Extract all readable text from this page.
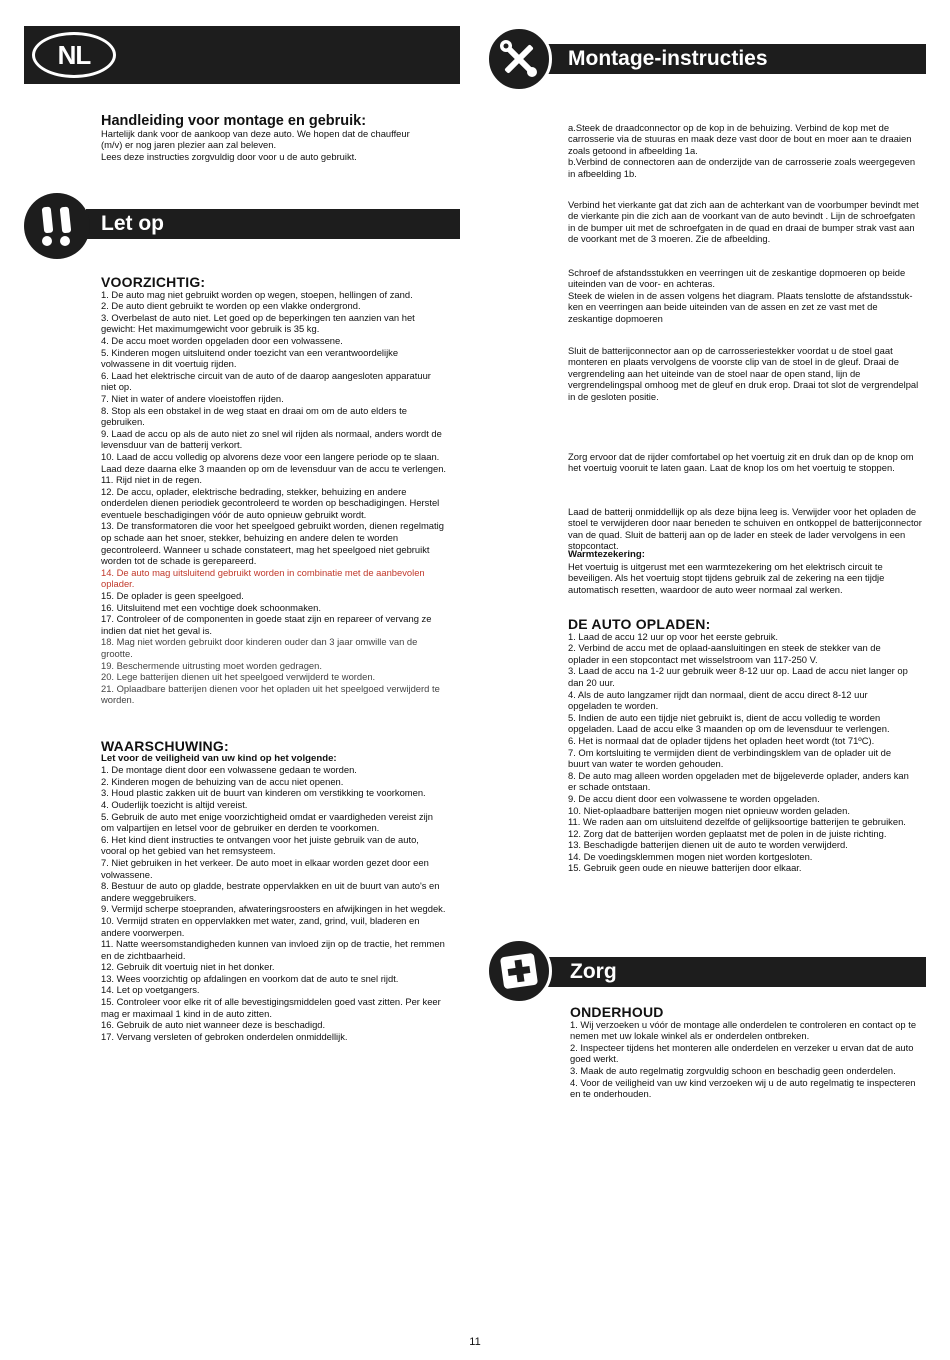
NL

Handleiding voor montage en gebruik:

Hartelijk dank voor de aankoop van deze auto. We hopen dat de chauffeur

(m/v) er nog jaren plezier aan zal beleven.

Lees deze instructies zorgvuldig door voor u de auto gebruikt.

Let op

VOORZICHTIG:

1. De auto mag niet gebruikt worden op wegen, stoepen, hellingen of zand.
2. De auto dient gebruikt te worden op een vlakke ondergrond.
3. Overbelast de auto niet. Let goed op de beperkingen ten aanzien van het gewicht: Het maximumgewicht voor gebruik is 35 kg.
4. De accu moet worden opgeladen door een volwassene.
5. Kinderen mogen uitsluitend onder toezicht van een verantwoordelijke volwassene in dit voertuig rijden.
6. Laad het elektrische circuit van de auto of de daarop aangesloten apparatuur niet op.
7. Niet in water of andere vloeistoffen rijden.
8. Stop als een obstakel in de weg staat en draai om om de auto elders te gebruiken.
9. Laad de accu op als de auto niet zo snel wil rijden als normaal, anders wordt de levensduur van de batterij verkort.
10. Laad de accu volledig op alvorens deze voor een langere periode op te slaan. Laad deze daarna elke 3 maanden op om de levensduur van de accu te verlengen.
11. Rijd niet in de regen.
12. De accu, oplader, elektrische bedrading, stekker, behuizing en andere onderdelen dienen periodiek gecontroleerd te worden op beschadigingen. Herstel eventuele beschadigingen vóór de auto opnieuw gebruikt wordt.
13. De transformatoren die voor het speelgoed gebruikt worden, dienen regelmatig op schade aan het snoer, stekker, behuizing en andere delen te worden gecontroleerd. Wanneer u schade constateert, mag het speelgoed niet gebruikt worden tot de schade is gerepareerd.
14. De auto mag uitsluitend gebruikt worden in combinatie met de aanbevolen oplader.
15. De oplader is geen speelgoed.
16. Uitsluitend met een vochtige doek schoonmaken.
17. Controleer of de componenten in goede staat zijn en repareer of vervang ze indien dat niet het geval is.
18. Mag niet worden gebruikt door kinderen ouder dan 3 jaar omwille van de grootte.
19. Beschermende uitrusting moet worden gedragen.
20. Lege batterijen dienen uit het speelgoed verwijderd te worden.
21. Oplaadbare batterijen dienen voor het opladen uit het speelgoed verwijderd te worden.

WAARSCHUWING:

Let voor de veiligheid van uw kind op het volgende:

1. De montage dient door een volwassene gedaan te worden.
2. Kinderen mogen de behuizing van de accu niet openen.
3. Houd plastic zakken uit de buurt van kinderen om verstikking te voorkomen.
4. Ouderlijk toezicht is altijd vereist.
5. Gebruik de auto met enige voorzichtigheid omdat er vaardigheden vereist zijn om valpartijen en letsel voor de gebruiker en derden te voorkomen.
6. Het kind dient instructies te ontvangen voor het juiste gebruik van de auto, vooral op het gebied van het remsysteem.
7. Niet gebruiken in het verkeer. De auto moet in elkaar worden gezet door een volwassene.
8. Bestuur de auto op gladde, bestrate oppervlakken en uit de buurt van auto's en andere weggebruikers.
9. Vermijd scherpe stoepranden, afwateringsroosters en afwijkingen in het wegdek.
10. Vermijd straten en oppervlakken met water, zand, grind, vuil, bladeren en andere voorwerpen.
11. Natte weersomstandigheden kunnen van invloed zijn op de tractie, het remmen en de zichtbaarheid.
12. Gebruik dit voertuig niet in het donker.
13. Wees voorzichtig op afdalingen en voorkom dat de auto te snel rijdt.
14. Let op voetgangers.
15. Controleer voor elke rit of alle bevestigingsmiddelen goed vast zitten. Per keer mag er maximaal 1 kind in de auto zitten.
16. Gebruik de auto niet wanneer deze is beschadigd.
17. Vervang versleten of gebroken onderdelen onmiddellijk.
Montage-instructies

a.Steek de draadconnector op de kop in de behuizing. Verbind de kop met de carrosserie via de stuuras en maak deze vast door de bout en moer aan te draaien zoals getoond in afbeelding 1a.
b.Verbind de connectoren aan de onderzijde van de carrosserie zoals weergegeven in afbeelding 1b.

Verbind het vierkante gat dat zich aan de achterkant van de voorbumper bevindt met de vierkante pin die zich aan de voorkant van de auto bevindt . Lijn de schroefgaten in de bumper uit met de schroefgaten in de quad en draai de bumper strak vast aan de voorkant met de 3 moeren. Zie de afbeelding.

Schroef de afstandsstukken en veerringen uit de zeskantige dopmoeren op beide uiteinden van de voor- en achteras.
Steek de wielen in de assen volgens het diagram. Plaats tenslotte de afstandsstuk-ken en veerringen aan beide uiteinden van de assen en zet ze vast met de zeskantige dopmoeren

Sluit de batterijconnector aan op de carrosseriestekker voordat u de stoel gaat monteren en plaats vervolgens de voorste clip van de stoel in de gleuf. Draai de vergrendeling aan het uiteinde van de stoel naar de open stand, lijn de vergrendelingspal omhoog met de gleuf en druk erop. Draai tot slot de vergrendelpal in de gesloten positie.

Zorg ervoor dat de rijder comfortabel op het voertuig zit en druk dan op de knop om het voertuig vooruit te laten gaan. Laat de knop los om het voertuig te stoppen.

Laad de batterij onmiddellijk op als deze bijna leeg is. Verwijder voor het opladen de stoel te verwijderen door naar beneden te schuiven en ontkoppel de batterijconnector van de quad. Sluit de batterij aan op de lader en steek de lader vervolgens in een stopcontact.

Warmtezekering:

Het voertuig is uitgerust met een warmtezekering om het elektrisch circuit te beveiligen. Als het voertuig stopt tijdens gebruik zal de zekering na een tijdje automatisch resetten, waardoor de auto weer normaal zal werken.

DE AUTO OPLADEN:

1. Laad de accu 12 uur op voor het eerste gebruik.
2. Verbind de accu met de oplaad-aansluitingen en steek de stekker van de oplader in een stopcontact met wisselstroom van 117-250 V.
3. Laad de accu na 1-2 uur gebruik weer 8-12 uur op. Laad de accu niet langer op dan 20 uur.
4. Als de auto langzamer rijdt dan normaal, dient de accu direct 8-12 uur opgeladen te worden.
5. Indien de auto een tijdje niet gebruikt is, dient de accu volledig te worden opgeladen. Laad de accu elke 3 maanden op om de levensduur te verlengen.
6. Het is normaal dat de oplader tijdens het opladen heet wordt (tot 71ºC).
7. Om kortsluiting te vermijden dient de verbindingsklem van de oplader uit de buurt van water te worden gehouden.
8. De auto mag alleen worden opgeladen met de bijgeleverde oplader, anders kan er schade ontstaan.
9. De accu dient door een volwassene te worden opgeladen.
10. Niet-oplaadbare batterijen mogen niet opnieuw worden geladen.
11. We raden aan om uitsluitend dezelfde of gelijksoortige batterijen te gebruiken.
12. Zorg dat de batterijen worden geplaatst met de polen in de juiste richting.
13. Beschadigde batterijen dienen uit de auto te worden verwijderd.
14. De voedingsklemmen mogen niet worden kortgesloten.
15. Gebruik geen oude en nieuwe batterijen door elkaar.
Zorg

ONDERHOUD

1. Wij verzoeken u vóór de montage alle onderdelen te controleren en contact op te nemen met uw lokale winkel als er onderdelen ontbreken.
2. Inspecteer tijdens het monteren alle onderdelen en verzeker u ervan dat de auto goed werkt.
3. Maak de auto regelmatig zorgvuldig schoon en beschadig geen onderdelen.
4. Voor de veiligheid van uw kind verzoeken wij u de auto regelmatig te inspecteren en te onderhouden.
11
